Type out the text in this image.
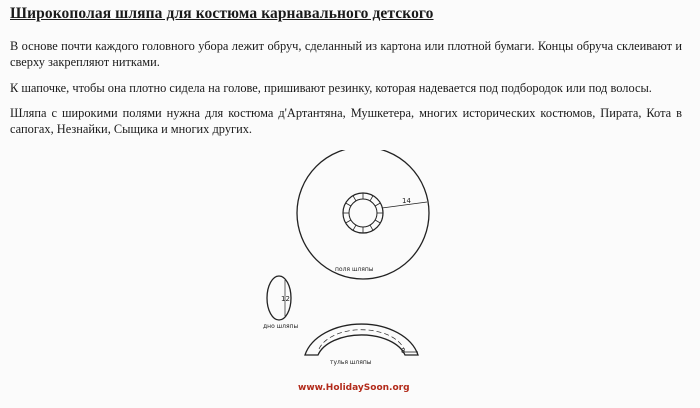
Широкополая шляпа для костюма карнавального детского

В основе почти каждого головного убора лежит обруч, сделанный из картона или плотной бумаги. Концы обруча склеивают и сверху закрепляют нитками.

К шапочке, чтобы она плотно сидела на голове, пришивают резинку, которая надевается под подбородок или под волосы.

Шляпа с широкими полями нужна для костюма д'Артантяна, Мушкетера, многих исторических костюмов, Пирата, Кота в сапогах, Незнайки, Сыщика и многих других.

14
поля шляпы
12
дно шляпы
8
тулья шляпы
www.HolidaySoon.org
